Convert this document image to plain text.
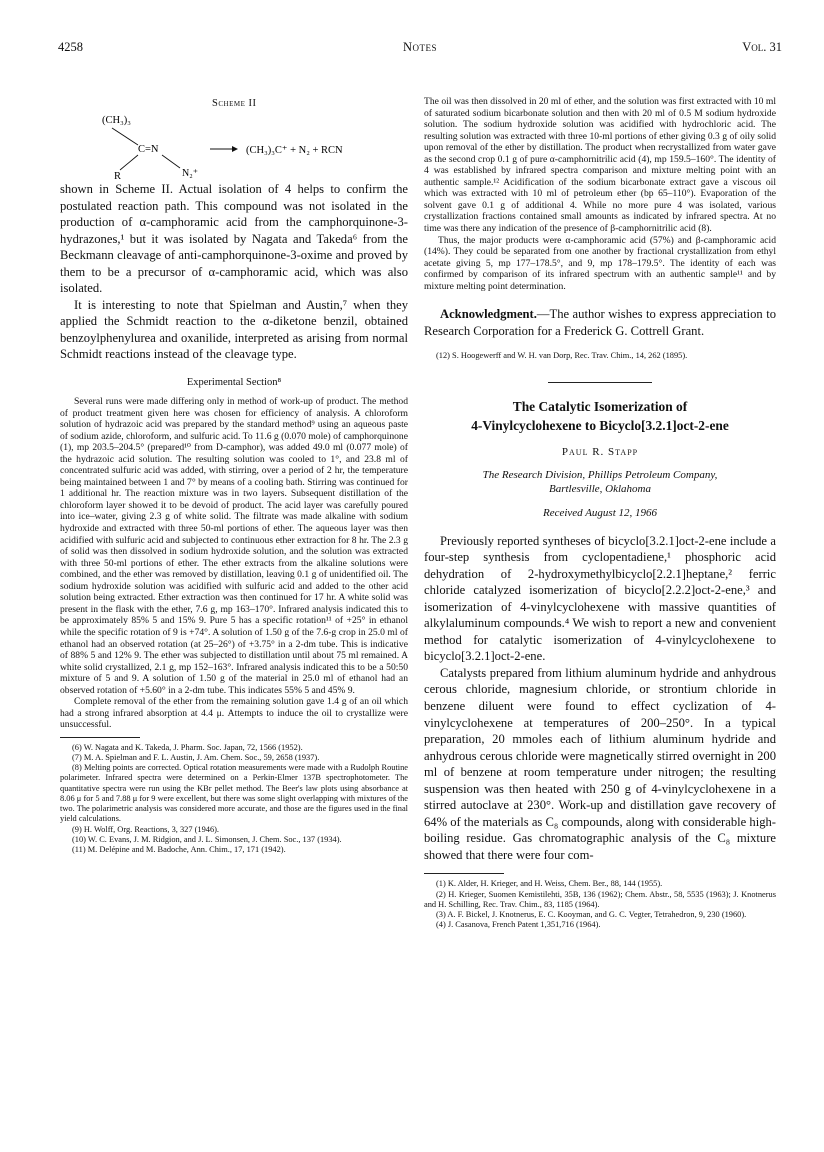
4258	Notes	Vol. 31
Scheme II
(CH₃)₃
C=N
R	N₂⁺
(CH₃)₃C⁺ + N₂ + RCN

shown in Scheme II. Actual isolation of 4 helps to confirm the postulated reaction path. This compound was not isolated in the production of α-camphoramic acid from the camphorquinone-3-hydrazones,¹ but it was isolated by Nagata and Takeda⁶ from the Beckmann cleavage of anti-camphorquinone-3-oxime and proved by them to be a precursor of α-camphoramic acid, which was also isolated.

It is interesting to note that Spielman and Austin,⁷ when they applied the Schmidt reaction to the α-diketone benzil, obtained benzoylphenylurea and oxanilide, interpreted as arising from normal Schmidt reactions instead of the cleavage type.

Experimental Section⁸

Several runs were made differing only in method of work-up of product. The method of product treatment given here was chosen for efficiency of analysis. A chloroform solution of hydrazoic acid was prepared by the standard method⁹ using an aqueous paste of sodium azide, chloroform, and sulfuric acid. To 11.6 g (0.070 mole) of camphorquinone (1), mp 203.5–204.5° (prepared¹⁰ from D-camphor), was added 49.0 ml (0.077 mole) of the hydrazoic acid solution. The resulting solution was cooled to 1°, and 23.8 ml of concentrated sulfuric acid was added, with stirring, over a period of 2 hr, the temperature being maintained between 1 and 7° by means of a cooling bath. Stirring was continued for 1 additional hr. The reaction mixture was in two layers. Subsequent distillation of the chloroform layer showed it to be devoid of product. The acid layer was carefully poured into ice–water, giving 2.3 g of white solid. The filtrate was made alkaline with sodium hydroxide and extracted with three 50-ml portions of ether. The aqueous layer was then acidified with sulfuric acid and subjected to continuous ether extraction for 8 hr. The 2.3 g of solid was then dissolved in sodium hydroxide solution, and the solution was extracted with three 50-ml portions of ether. The ether extracts from the alkaline solutions were combined, and the ether was removed by distillation, leaving 0.1 g of unidentified oil. The sodium hydroxide solution was acidified with sulfuric acid and added to the other acid solution being extracted. Ether extraction was then continued for 17 hr. A white solid was present in the flask with the ether, 7.6 g, mp 163–170°. Infrared analysis indicated this to be approximately 85% 5 and 15% 9. Pure 5 has a specific rotation¹¹ of +25° in ethanol while the specific rotation of 9 is +74°. A solution of 1.50 g of the 7.6-g crop in 25.0 ml of ethanol had an observed rotation (at 25–26°) of +3.75° in a 2-dm tube. This is indicative of 88% 5 and 12% 9. The ether was subjected to distillation until about 75 ml remained. A white solid crystallized, 2.1 g, mp 152–163°. Infrared analysis indicated this to be a 50:50 mixture of 5 and 9. A solution of 1.50 g of the material in 25.0 ml of ethanol had an observed rotation of +5.60° in a 2-dm tube. This indicates 55% 5 and 45% 9.

Complete removal of the ether from the remaining solution gave 1.4 g of an oil which had a strong infrared absorption at 4.4 μ. Attempts to induce the oil to crystallize were unsuccessful.

(6) W. Nagata and K. Takeda, J. Pharm. Soc. Japan, 72, 1566 (1952).

(7) M. A. Spielman and F. L. Austin, J. Am. Chem. Soc., 59, 2658 (1937).

(8) Melting points are corrected. Optical rotation measurements were made with a Rudolph Routine polarimeter. Infrared spectra were determined on a Perkin-Elmer 137B spectrophotometer. The quantitative spectra were run using the KBr pellet method. The Beer's law plots using absorbance at 8.06 μ for 5 and 7.88 μ for 9 were excellent, but there was some slight overlapping with mixtures of the two. The polarimetric analysis was considered more accurate, and those are the figures used in the final yield calculations.

(9) H. Wolff, Org. Reactions, 3, 327 (1946).

(10) W. C. Evans, J. M. Ridgion, and J. L. Simonsen, J. Chem. Soc., 137 (1934).

(11) M. Delépine and M. Badoche, Ann. Chim., 17, 171 (1942).

The oil was then dissolved in 20 ml of ether, and the solution was first extracted with 10 ml of saturated sodium bicarbonate solution and then with 20 ml of 0.5 M sodium hydroxide solution. The sodium hydroxide solution was acidified with hydrochloric acid. The resulting solution was extracted with three 10-ml portions of ether giving 0.3 g of oily solid upon removal of the ether by distillation. The product when recrystallized from water gave as the second crop 0.1 g of pure α-camphornitrilic acid (4), mp 159.5–160°. The identity of 4 was established by infrared spectra comparison and mixture melting point with an authentic sample.¹² Acidification of the sodium bicarbonate extract gave a viscous oil which was extracted with 10 ml of petroleum ether (bp 65–110°). Evaporation of the solvent gave 0.1 g of additional 4. While no more pure 4 was isolated, various crystallization fractions contained small amounts as indicated by infrared spectra. At no time was there any indication of the presence of β-camphornitrilic acid (8).

Thus, the major products were α-camphoramic acid (57%) and β-camphoramic acid (14%). They could be separated from one another by fractional crystallization from ethyl acetate giving 5, mp 177–178.5°, and 9, mp 178–179.5°. The identity of each was confirmed by comparison of its infrared spectrum with an authentic sample¹¹ and by mixture melting point determination.

Acknowledgment.—The author wishes to express appreciation to Research Corporation for a Frederick G. Cottrell Grant.

(12) S. Hoogewerff and W. H. van Dorp, Rec. Trav. Chim., 14, 262 (1895).

The Catalytic Isomerization of
4-Vinylcyclohexene to Bicyclo[3.2.1]oct-2-ene
Paul R. Stapp
The Research Division, Phillips Petroleum Company,
Bartlesville, Oklahoma
Received August 12, 1966

Previously reported syntheses of bicyclo[3.2.1]oct-2-ene include a four-step synthesis from cyclopentadiene,¹ phosphoric acid dehydration of 2-hydroxymethylbicyclo[2.2.1]heptane,² ferric chloride catalyzed isomerization of bicyclo[2.2.2]oct-2-ene,³ and isomerization of 4-vinylcyclohexene with massive quantities of alkylaluminum compounds.⁴ We wish to report a new and convenient method for catalytic isomerization of 4-vinylcyclohexene to bicyclo[3.2.1]oct-2-ene.

Catalysts prepared from lithium aluminum hydride and anhydrous cerous chloride, magnesium chloride, or strontium chloride in benzene diluent were found to effect cyclization of 4-vinylcyclohexene at temperatures of 200–250°. In a typical preparation, 20 mmoles each of lithium aluminum hydride and anhydrous cerous chloride were magnetically stirred overnight in 200 ml of benzene at room temperature under nitrogen; the resulting suspension was then heated with 250 g of 4-vinylcyclohexene in a stirred autoclave at 230°. Work-up and distillation gave recovery of 64% of the materials as C₈ compounds, along with considerable high-boiling residue. Gas chromatographic analysis of the C₈ mixture showed that there were four com-

(1) K. Alder, H. Krieger, and H. Weiss, Chem. Ber., 88, 144 (1955).

(2) H. Krieger, Suomen Kemistilehti, 35B, 136 (1962); Chem. Abstr., 58, 5535 (1963); J. Knotnerus and H. Schilling, Rec. Trav. Chim., 83, 1185 (1964).

(3) A. F. Bickel, J. Knotnerus, E. C. Kooyman, and G. C. Vegter, Tetrahedron, 9, 230 (1960).

(4) J. Casanova, French Patent 1,351,716 (1964).
